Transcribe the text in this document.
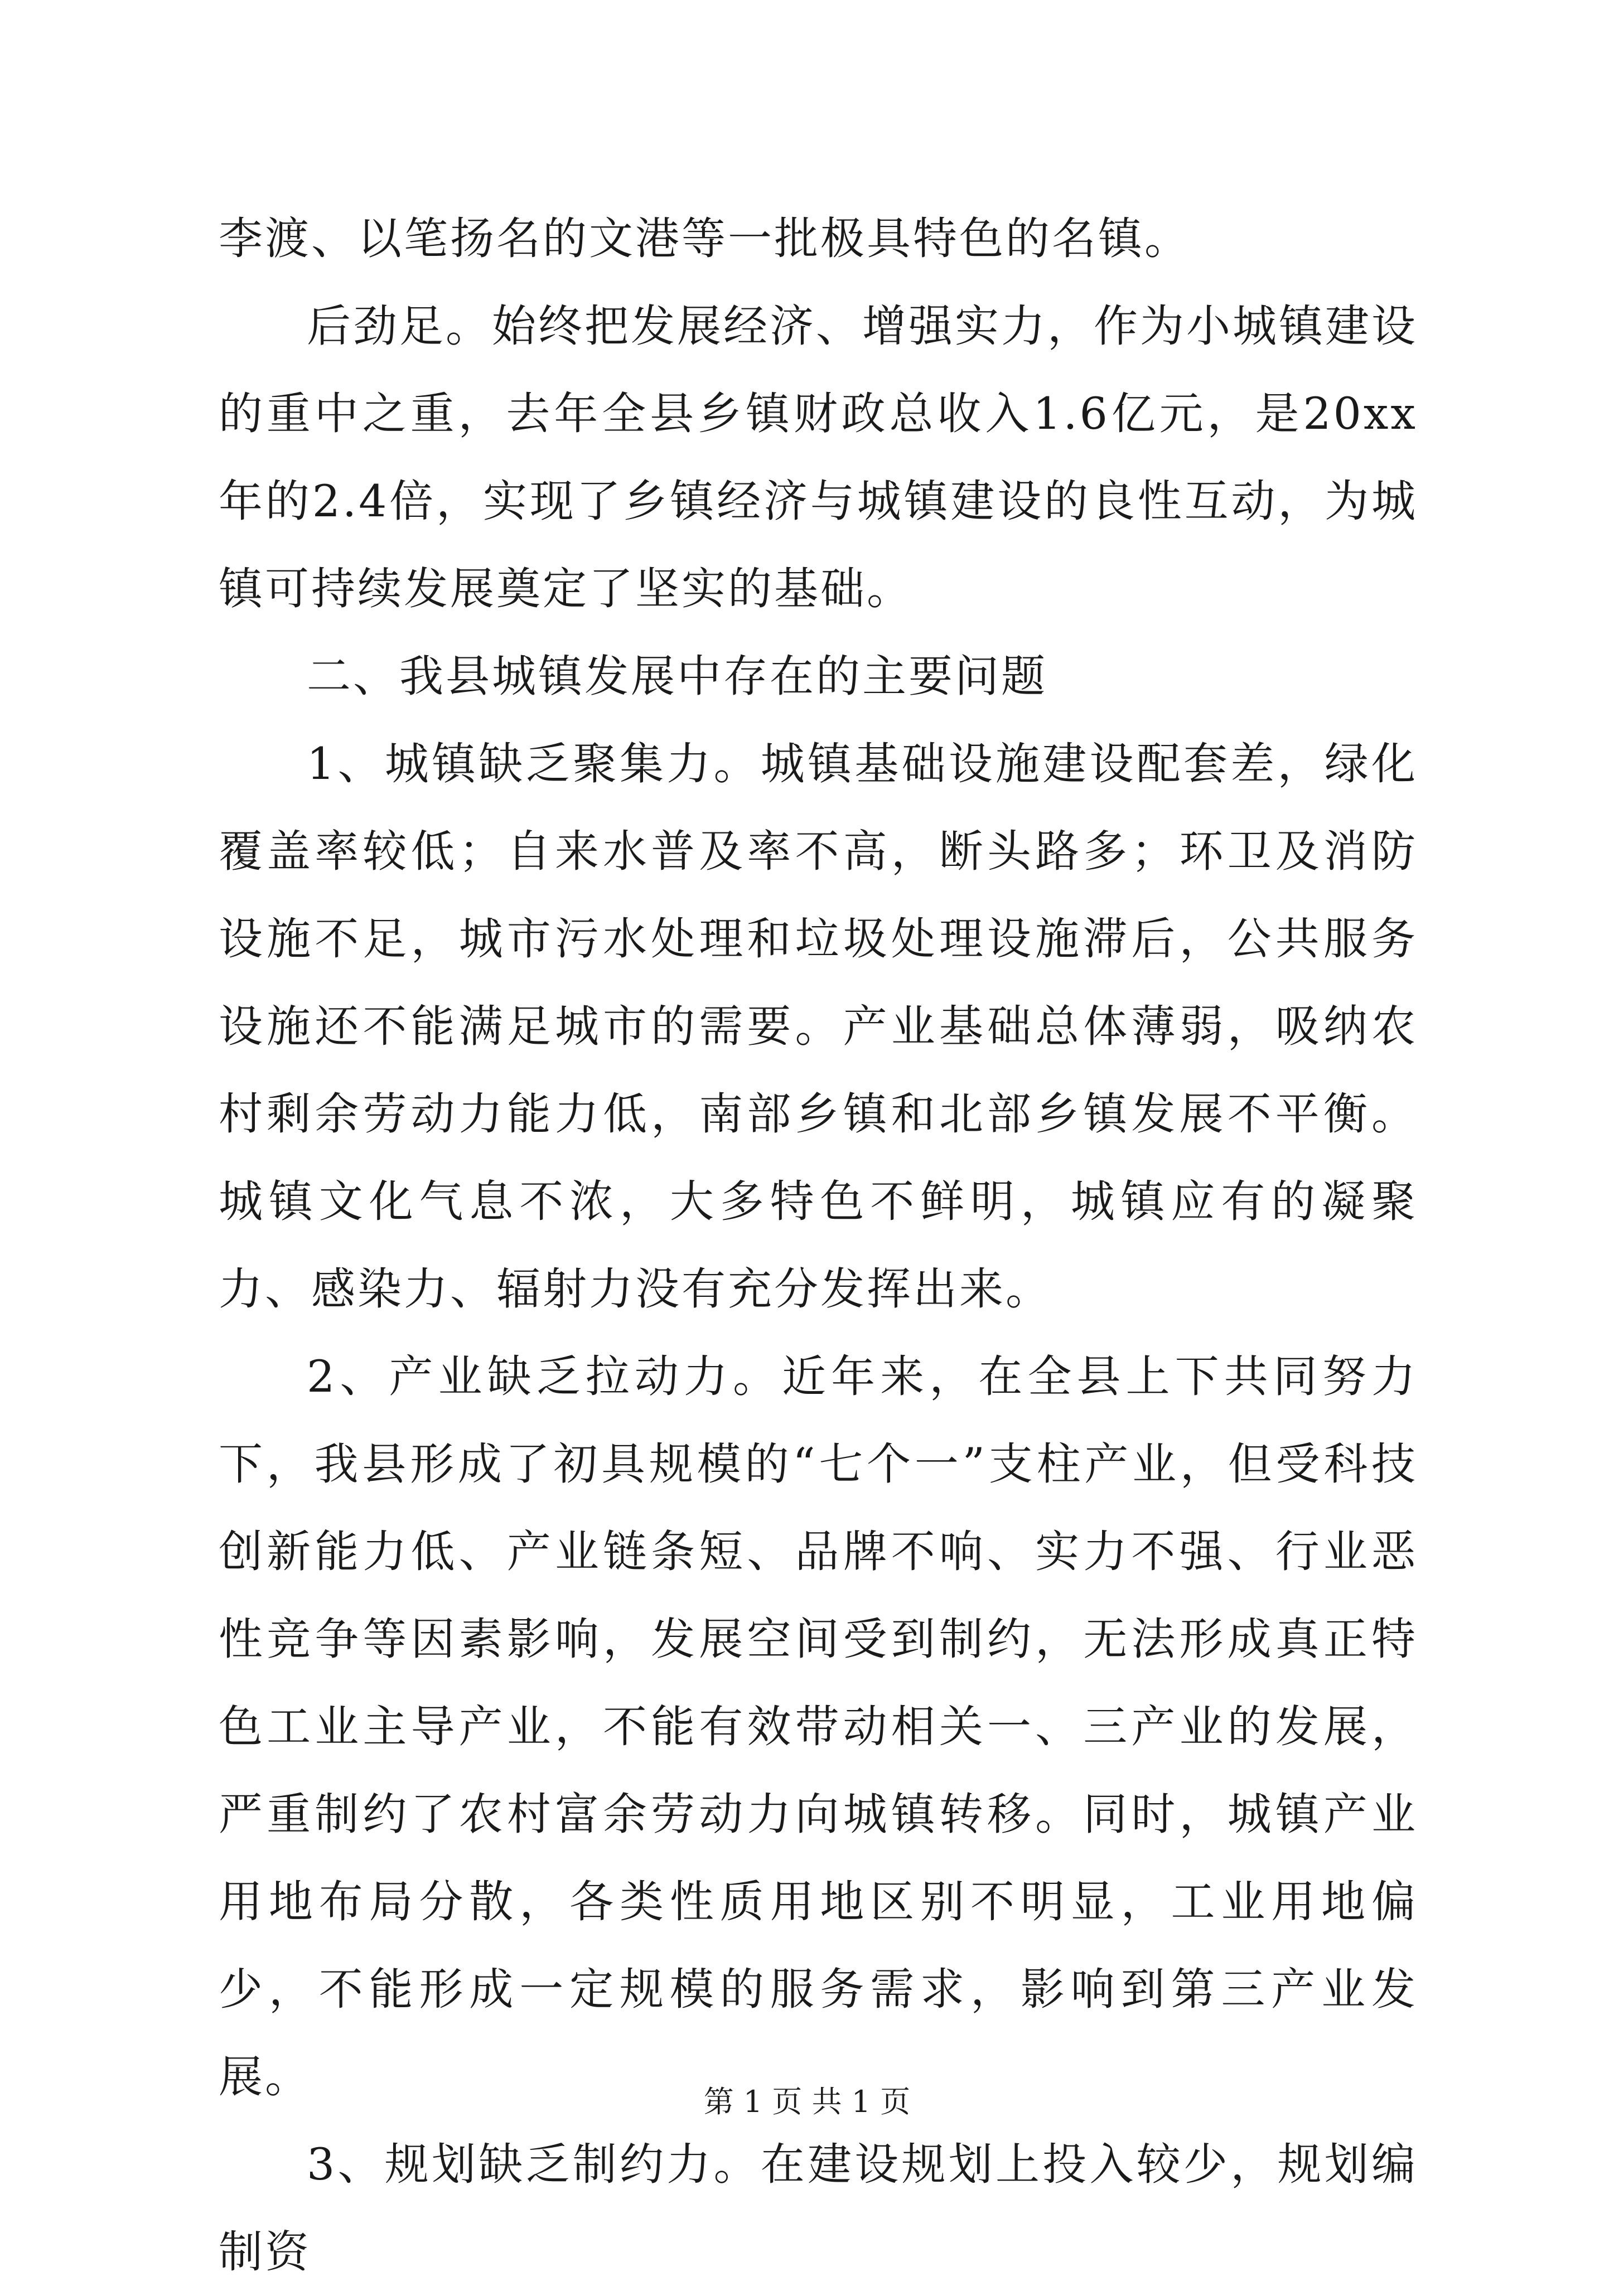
李渡、以笔扬名的文港等一批极具特色的名镇。

后劲足。始终把发展经济、增强实力，作为小城镇建设的重中之重，去年全县乡镇财政总收入1.6亿元，是20xx年的2.4倍，实现了乡镇经济与城镇建设的良性互动，为城镇可持续发展奠定了坚实的基础。

二、我县城镇发展中存在的主要问题

1、城镇缺乏聚集力。城镇基础设施建设配套差，绿化覆盖率较低；自来水普及率不高，断头路多；环卫及消防设施不足，城市污水处理和垃圾处理设施滞后，公共服务设施还不能满足城市的需要。产业基础总体薄弱，吸纳农村剩余劳动力能力低，南部乡镇和北部乡镇发展不平衡。城镇文化气息不浓，大多特色不鲜明，城镇应有的凝聚力、感染力、辐射力没有充分发挥出来。

2、产业缺乏拉动力。近年来，在全县上下共同努力下，我县形成了初具规模的“七个一”支柱产业，但受科技创新能力低、产业链条短、品牌不响、实力不强、行业恶性竞争等因素影响，发展空间受到制约，无法形成真正特色工业主导产业，不能有效带动相关一、三产业的发展，严重制约了农村富余劳动力向城镇转移。同时，城镇产业用地布局分散，各类性质用地区别不明显，工业用地偏少，不能形成一定规模的服务需求，影响到第三产业发展。

3、规划缺乏制约力。在建设规划上投入较少，规划编制资

第 1 页 共 1 页
